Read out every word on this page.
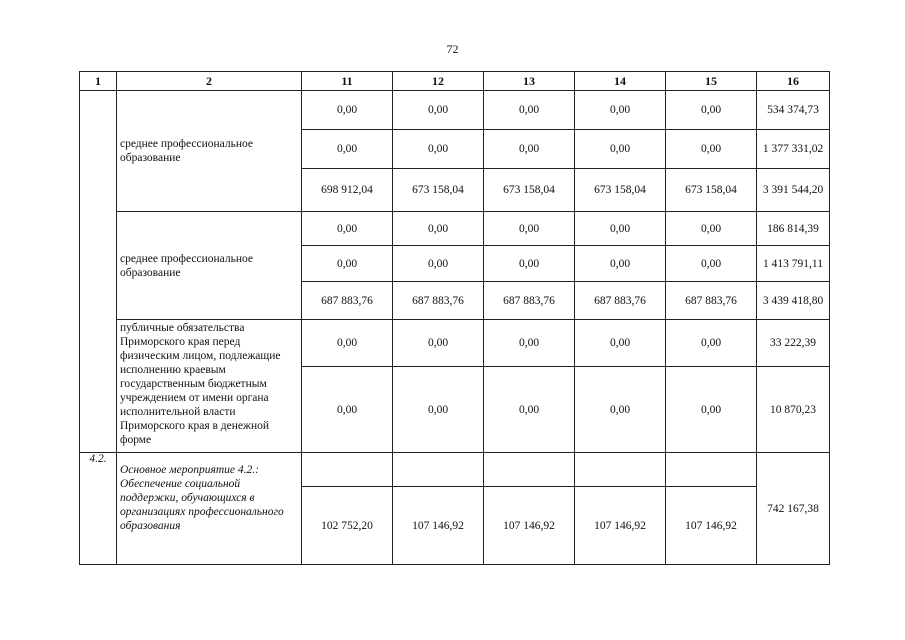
72
1	2	11	12	13	14	15	16
	среднее профессиональное образование	0,00	0,00	0,00	0,00	0,00	534 374,73
		0,00	0,00	0,00	0,00	0,00	1 377 331,02
		698 912,04	673 158,04	673 158,04	673 158,04	673 158,04	3 391 544,20
	среднее профессиональное образование	0,00	0,00	0,00	0,00	0,00	186 814,39
		0,00	0,00	0,00	0,00	0,00	1 413 791,11
		687 883,76	687 883,76	687 883,76	687 883,76	687 883,76	3 439 418,80
	публичные обязательства Приморского края перед физическим лицом, подлежащие исполнению краевым государственным бюджетным учреждением от имени органа исполнительной власти Приморского края в денежной форме	0,00	0,00	0,00	0,00	0,00	33 222,39
		0,00	0,00	0,00	0,00	0,00	10 870,23
4.2.	Основное мероприятие 4.2.: Обеспечение социальной поддержки, обучающихся в организациях профессионального образования						742 167,38
		102 752,20	107 146,92	107 146,92	107 146,92	107 146,92	
